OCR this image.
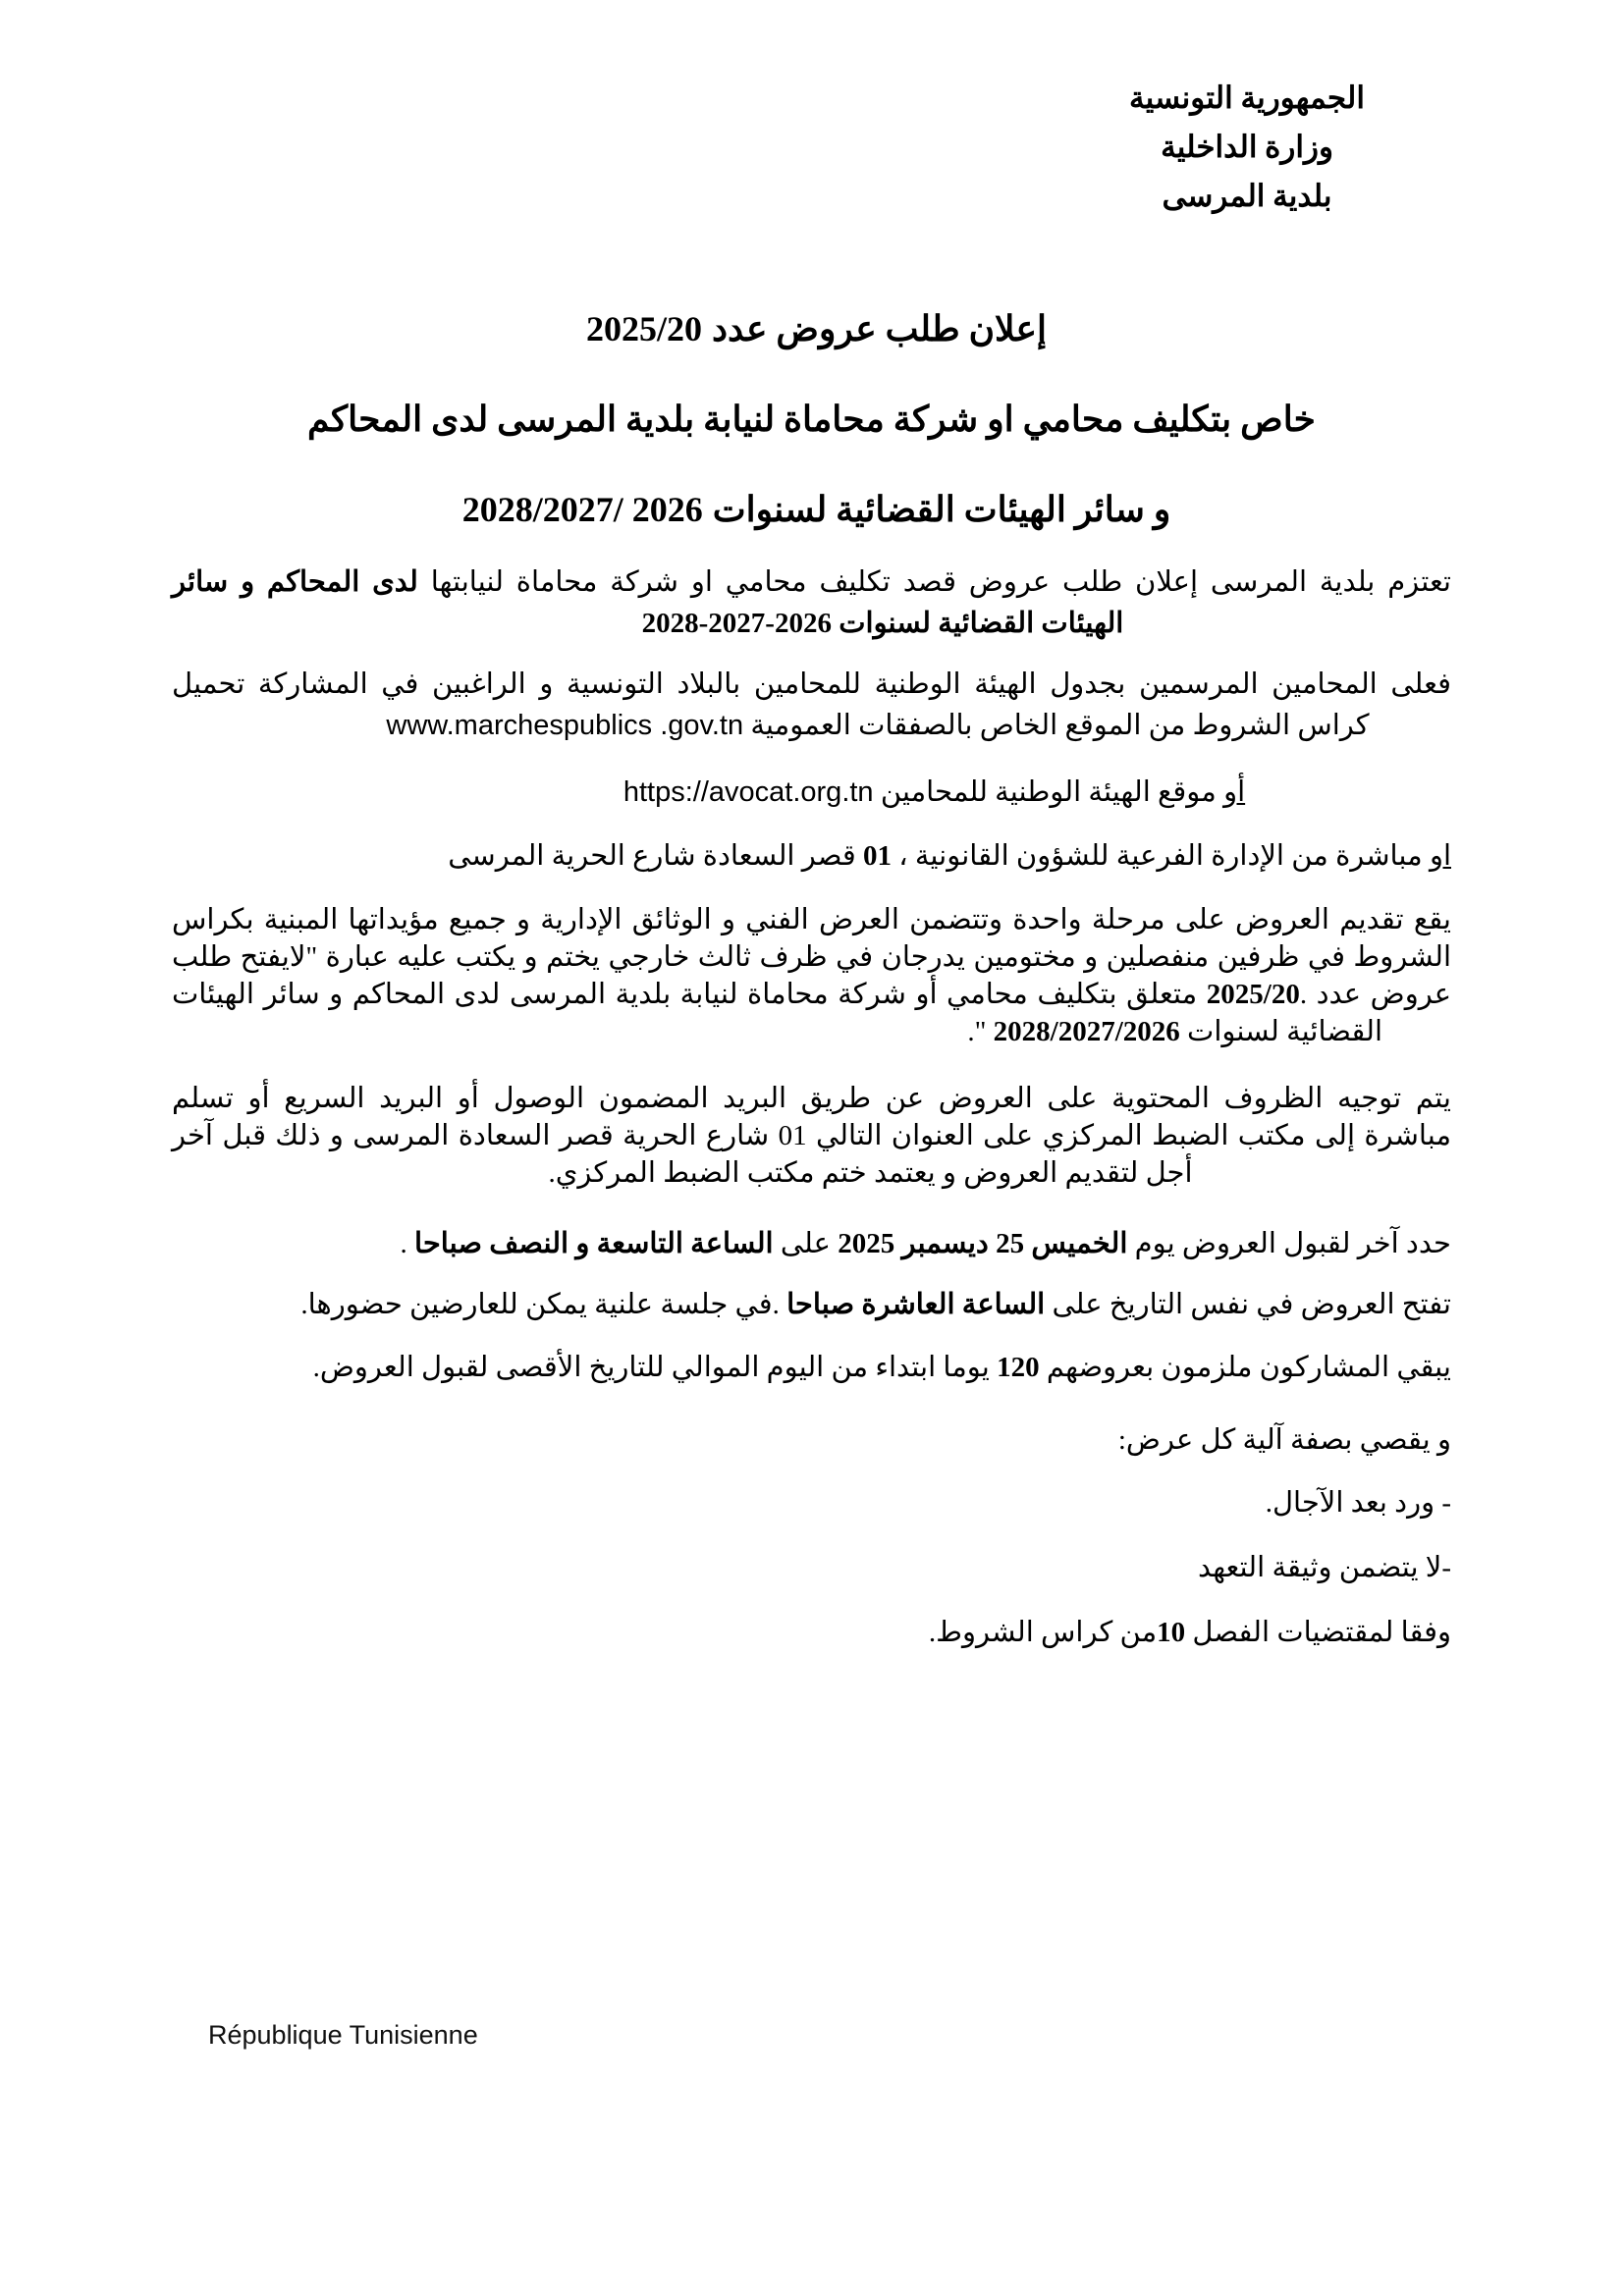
الجمهورية التونسية
وزارة الداخلية
بلدية المرسى
إعلان طلب عروض عدد2025/20
خاص بتكليف محامي او شركة محاماة لنيابة بلدية المرسى لدى المحاكم
و سائر الهيئات القضائية لسنوات2028/2027/ 2026
تعتزم بلدية المرسى إعلان طلب عروض قصد تكليف محامي او شركة محاماة لنيابتها لدى المحاكم و سائر
الهيئات القضائية لسنوات 2028-2027-2026
فعلى المحامين المرسمين بجدول الهيئة الوطنية للمحامين بالبلاد التونسية و الراغبين في المشاركة تحميل
كراس الشروط من الموقع الخاص بالصفقات العمومية www.marchespublics .gov.tn
أو موقع الهيئة الوطنية للمحامين https://avocat.org.tn
او مباشرة من الإدارة الفرعية للشؤون القانونية ، 01 قصر السعادة شارع الحرية المرسى
يقع تقديم العروض على مرحلة واحدة وتتضمن العرض الفني و الوثائق الإدارية و جميع مؤيداتها المبنية بكراس
الشروط في ظرفين منفصلين و مختومين يدرجان في ظرف ثالث خارجي يختم و يكتب عليه عبارة "لايفتح طلب
عروض عدد .2025/20 متعلق بتكليف محامي أو شركة محاماة لنيابة بلدية المرسى لدى المحاكم و سائر الهيئات
القضائية لسنوات 2028/2027/2026 ".
يتم توجيه الظروف المحتوية على العروض عن طريق البريد المضمون الوصول أو البريد السريع أو تسلم
مباشرة إلى مكتب الضبط المركزي على العنوان التالي 01 شارع الحرية قصر السعادة المرسى و ذلك قبل آخر
أجل لتقديم العروض و يعتمد ختم مكتب الضبط المركزي.
حدد آخر لقبول العروض يوم الخميس 25 ديسمبر 2025 على الساعة التاسعة و النصف صباحا .
تفتح العروض في نفس التاريخ على الساعة العاشرة صباحا .في جلسة علنية يمكن للعارضين حضورها.
يبقي المشاركون ملزمون بعروضهم 120 يوما ابتداء من اليوم الموالي للتاريخ الأقصى لقبول العروض.
و يقصي بصفة آلية كل عرض:
- ورد بعد الآجال.
-لا يتضمن وثيقة التعهد
وفقا لمقتضيات الفصل 10من كراس الشروط.
République Tunisienne
